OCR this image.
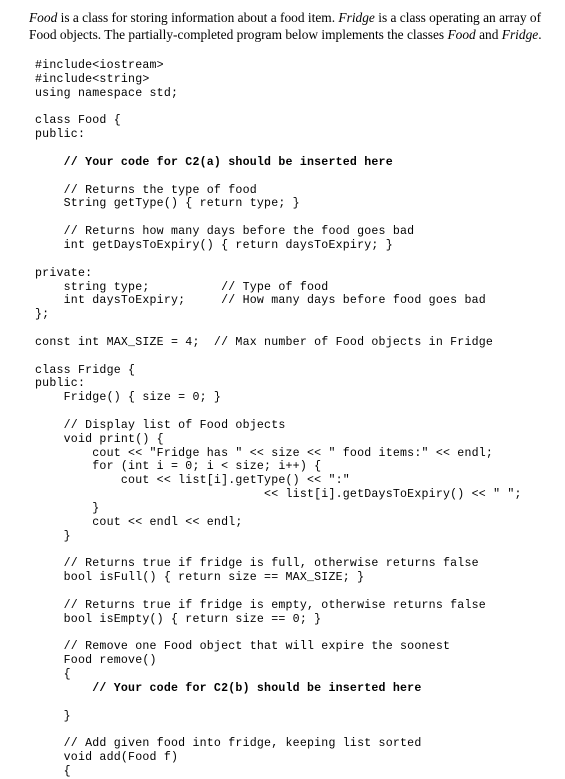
Food is a class for storing information about a food item. Fridge is a class operating an array of Food objects. The partially-completed program below implements the classes Food and Fridge.

#include<iostream>
#include<string>
using namespace std;
class Food {
public:
// Your code for C2(a) should be inserted here
// Returns the type of food
String getType() { return type; }
// Returns how many days before the food goes bad
int getDaysToExpiry() { return daysToExpiry; }
private:
string type;          // Type of food
int daysToExpiry;     // How many days before food goes bad
};
const int MAX_SIZE = 4;  // Max number of Food objects in Fridge
class Fridge {
public:
Fridge() { size = 0; }
// Display list of Food objects
void print() {
cout << "Fridge has " << size << " food items:" << endl;
for (int i = 0; i < size; i++) {
cout << list[i].getType() << ":"
<< list[i].getDaysToExpiry() << " ";
}
cout << endl << endl;
}
// Returns true if fridge is full, otherwise returns false
bool isFull() { return size == MAX_SIZE; }
// Returns true if fridge is empty, otherwise returns false
bool isEmpty() { return size == 0; }
// Remove one Food object that will expire the soonest
Food remove()
{
// Your code for C2(b) should be inserted here
}
// Add given food into fridge, keeping list sorted
void add(Food f)
{
